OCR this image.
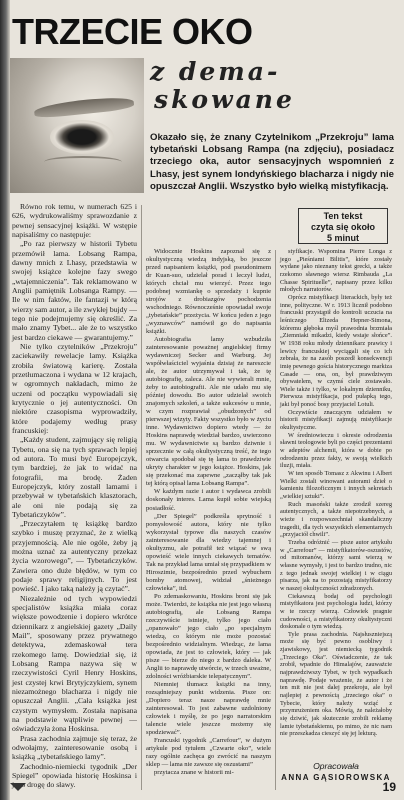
TRZECIE OKO
z dema-
skowane
Okazało się, że znany Czytelnikom „Przekroju” lama tybetański Lobsang Rampa (na zdjęciu), posiadacz trzeciego oka, autor sensacyjnych wspomnień z Lhasy, jest synem londyńskiego blacharza i nigdy nie opuszczał Anglii. Wszystko było wielką mistyfikacją.
Ten tekst
czyta się około
5 minut

Równo rok temu, w numerach 625 i 626, wydrukowaliśmy sprawozdanie z pewnej sensacyjnej książki. W wstępie napisaliśmy co następuje:

„Po raz pierwszy w historii Tybetu przemówił lama. Lobsang Rampa, dawny mnich z Lhasy, przedstawia w swojej książce kolejne fazy swego „wtajemniczenia”. Tak reklamowano w Anglii pamiętnik Lobsanga Rampy. — Ile w nim faktów, ile fantazji w którą wierzy sam autor, a ile zwykłej bujdy — tego nie podejmujemy się określić. Za mało znamy Tybet... ale że to wszystko jest bardzo ciekawe — gwarantujemy.”

Nie tylko czytelników „Przekroju” zaciekawiły rewelacje lamy. Książka zrobiła światową karierę. Została przetłumaczona i wydana w 12 krajach, w ogromnych nakładach, mimo że uczeni od początku wypowiadali się krytycznie o jej autentyczności. On niektóre czasopisma wyprowadziły, które podajemy według prasy francuskiej:

„Każdy student, zajmujący się religią Tybetu, ona się na tych sprawach lepiej od autora. To musi być Europejczyk, tym bardziej, że jak to widać na fotografii, ma brodę. Żaden Europejczyk, który zostałl lamami i przebywał w tybetańskich klasztorach, ale oni nie podają się za Tybetańczyków”.

„Przeczytałem tę książkę bardzo szybko i muszę przyznać, że z wielką przyjemnością. Ale nie ogóle, żeby ją można uznać za autentyczny przekaz życia wzorowego”, — Tybetańczyków. Zawiera ono duże błędów, w tym co podaje sprawy religijnych. To jest powieść. I jako taką należy ją czytać”.

Niezależnie od tych wypowiedzi specjalistów książka miała coraz większe powodzenie i dopiero wkrótce dziennikarz z angielskiej gazety „Daily Mail”, sposowany przez prywatnego detektywa, zdemaskował tera rzekomego lamę. Dowiedział się, iż Lobsang Rampa nazywa się w rzeczywistości Cyril Henry Hoskins, jest czystej krwi Brytyjczykiem, synem niezamożnego blacharza i nigdy nie opuszczał Anglii. „Cała książka jest czystym wymysłem. Została napisana na podstawie wątpliwie pewnej — oświadczyła żona Hoskinsa.

Prasa zachodnia zajmuje się teraz, że odwołajmy, zainteresowanie osobą i książką „tybetańskiego lamy”.

Zachodnio-niemiecki tygodnik „Der Spiegel” opowiada historię Hoskinsa i jego drogę do sławy.

Widocznie Hoskins zapoznał się z okultystyczną wiedzą indyjską, bo jeszcze przed napisaniem książki, pod pseudonimem dr Kuan-suo, udzielał porad i leczył ludzi, których chciał mu wierzyć. Przez tego podobnej wzmiankę o sprzedaży i kupnie strojów z drobiazgów pochodzenia wschodniego. Równocześnie opowiadał swoje „tybetańskie” przeżycia. W końcu jeden z jego „wyznawców” namówił go do napisania książki.

Autobiografia lamy wzbudziła zainteresowanie poważnej angielskiej firmy wydawniczej Secker and Warburg. Jej współwłaściciel wyjaśnia dzisiaj że nareszcie ale, że autor utrzymywał i tak, że tę autobiografię, zaleca. Ale nie wywierali mnie, żeby to autobiografii. Ale nie udało mu się później dowodu. Bo autor udzielał swoich znajomych szkoleń, a także sukcesów u mnie, w czym rozprawiał „obudzonych” od pierwszej wizyty. Fakty wszystko było w życiu inne. Wydawnictwo dopiero wtedy — że Hoskins naprawdę wiedział bardzo, uwierzono mu. W wydawnictwie są bardzo dziwnie i sprzecznie w całą okultystyczną treść, że tego otwarcia spodobał się tę lama to prawdziwie ukryty charakter w jego książce. Hoskins, jak się przekonać ma zapewne „zacząłby tak jak tej którą opisał lama Lobsang Rampa”.

W każdym razie i autor i wydawca zrobili doskonały interes. Lama kupił sobie wiejską posiadłość.

„Der Spiegel” podkreśla sprytność i pomysłowość autora, który nie tylko wykorzystał typowe dla naszych czasów zainteresowanie dla wiedzy tajemnej i okultyzmu, ale potrafił też wiązać w swą opowieść wiele innych ciekawych tematów. Tak na przykład lama umiał się przypadkiem w Hiroszimie, bezpośrednio przed wybuchem bomby atomowej, widział „śnieżnego człowieka”, itd.

Po zdemaskowaniu, Hoskins broni się jak może. Twierdzi, że książka nie jest jego własną autobiografią, ale Lobsang Rampa rzeczywiście istnieje, tylko jego ciało „opanowało” jego ciało „po specjalnym wiedzą, co którym nie może pozostać bezpośrednio widzialnym. Wiedząc, że lama opowiada, że jest to człowiek, który — jak pisze — bierze do niego z bardzo daleka. W Anglii to naprawdę utwórcie, w trzech uważne, zdolności wróżbiarskie telepatycznym”.

Niemniej tłumacz książki na inny, rozsądniejszy punkt widzenia. Pisze on: „Dopiero teraz nasze naprawdę mnie zainteresował. To jest zabawne uzdolniony człowiek i myślę, że po jego narratorskim talencie wiele jeszcze możemy się spodziewać”.

Francuski tygodnik „Carrefour”, w dużym artykule pod tytułem „Czwarte oko”, wiele razy ogólnie zachęca go zwrócić na naszym sklep — lama nie zawsze się oszustami”

przytacza znane w historii mi-

styfikacje. Wspomina Pierre Longa z jego „Pieśniami Bilitis”, które zostały wydane jako nieznany tekst grecki, a także rzekomo sławnego wiersz Rimbauda „La Chasse Spirituelle”, napisany przez kilku młodych narratorów.

Oprócz mistyfikacji literackich, były też inne, polityczne. W r. 1913 licznił podobno francuski przystąpił do kontroli uczucia na leśniczego Elizeda Hepner-Simona, któremu głęboka myśl prawodnia brzmiała „Ziemniaki mikadzi, kiedy wstaje słońce”. W 1938 roku młody dziennikarz prawicy i lewicy francuskiej wyciągali się co ich zebrała, że na zasób poszedł konsekwencji imię pewnego gościa historycznego markiza Casade — ona, on, był prawdziwym obywatelem, w czymś ciele zostawało. Wiele także i tylko, w lokalnym dzienniku, Pierwsza mistyfikacja, pod pułapką tego, jaki był ponoć bosy przyjaciel Lotuli.

Oczywiście znaczącym udziałem w historii mistyfikacji zajmują mistyfikacje okultystyczne.

W średniowieczu i okresie odrodzenia sławni teologowie byli po części prezentami w adeptów alchemii, która w dobie po odrodzeniu przez fakty, w swoją wielkich iluzji, miała.

W ten sposób Tomasz z Akwinu i Albert Wielki zostali winowani autorami dzieł o kamieniu filozoficznym i innych sekretach „wielkiej sztuki”.

Ruch masoński także zrodził szereg autentycznych, a także niepotrzebnych, a wieże i rozpowszechniał skandaliczny tragedii, dla tych wszystkich elementarnych „przyjaciół chwili”.

Trzeba odróżnić — pisze autor artykułu w „Carrefour” — mistyfikatorów-oszustów, od mitomanów, którzy sami wierzą w własne wymysły, i jest to bardzo trudno, nic z tego jednak swojej wielkiej i w ciągu pisarza, jak na to pozostają mistyfikatorzy w naszej okultyczności zdradzonych.

Ciekawszą bodaj od psychologii mistyfikatora jest psychologia ludzi, którzy w te rzeczy wierzą. Człowiek pragnie cudowności, a mistyfikatorzy okultystyczni doskonale o tym wiedzą.

Tyle prasa zachodnia. Najsłuszniejszą może się być pewno osobliwy i zjawiskowy, jest niemiecką tygodnik „Trzeciego Oka”. Oświadczenie, że tak zrobił, wpadnie do Himalajów, zauważcie najprawdziwszy Tybet, w tych wypadkach naprawdę. Podaje wrażenie, że autor i że ten mit nie jest dalej przekroju, ale był najlepiej z pewnością „trzeciego oka” o Tybecie, który należy wziąć z przymrużeniem oka. Mówią, że należałoby się dziwić, jak skutecznie zrobili reklamę lamie tybetańskiemu, po mimo, że nic nam nie przeszkadza cieszyć się jej lekturą.

Opracowała
ANNA GĄSIOROWSKA
19
